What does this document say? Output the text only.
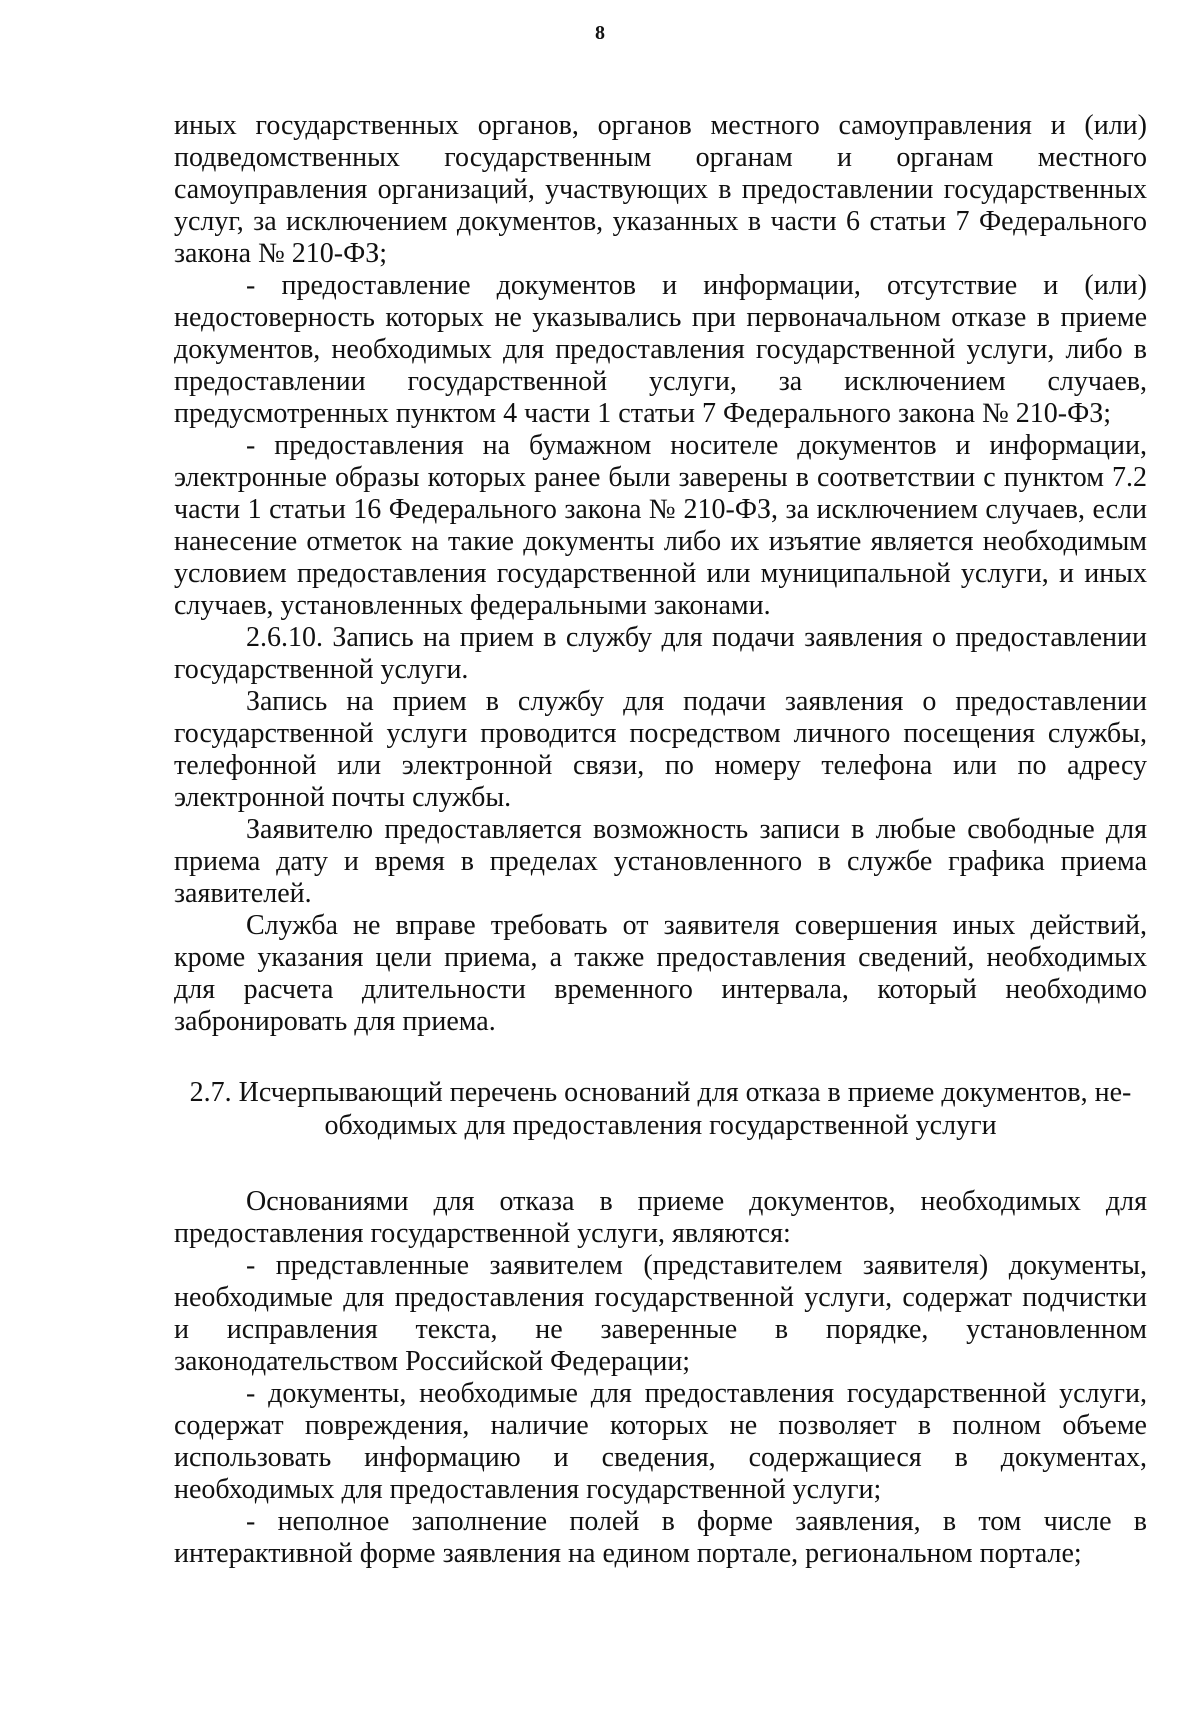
8

иных государственных органов, органов местного самоуправления и (или) подведомственных государственным органам и органам местного самоуправления организаций, участвующих в предоставлении государственных услуг, за исключением документов, указанных в части 6 статьи 7 Федерального закона № 210-ФЗ;

- предоставление документов и информации, отсутствие и (или) недостоверность которых не указывались при первоначальном отказе в приеме документов, необходимых для предоставления государственной услуги, либо в предоставлении государственной услуги, за исключением случаев, предусмотренных пунктом 4 части 1 статьи 7 Федерального закона № 210-ФЗ;

- предоставления на бумажном носителе документов и информации, электронные образы которых ранее были заверены в соответствии с пунктом 7.2 части 1 статьи 16 Федерального закона № 210-ФЗ, за исключением случаев, если нанесение отметок на такие документы либо их изъятие является необходимым условием предоставления государственной или муниципальной услуги, и иных случаев, установленных федеральными законами.

2.6.10. Запись на прием в службу для подачи заявления о предоставлении государственной услуги.

Запись на прием в службу для подачи заявления о предоставлении государственной услуги проводится посредством личного посещения службы, телефонной или электронной связи, по номеру телефона или по адресу электронной почты службы.

Заявителю предоставляется возможность записи в любые свободные для приема дату и время в пределах установленного в службе графика приема заявителей.

Служба не вправе требовать от заявителя совершения иных действий, кроме указания цели приема, а также предоставления сведений, необходимых для расчета длительности временного интервала, который необходимо забронировать для приема.

2.7. Исчерпывающий перечень оснований для отказа в приеме документов, не-
обходимых для предоставления государственной услуги

Основаниями для отказа в приеме документов, необходимых для предоставления государственной услуги, являются:

- представленные заявителем (представителем заявителя) документы, необходимые для предоставления государственной услуги, содержат подчистки и исправления текста, не заверенные в порядке, установленном законодательством Российской Федерации;

- документы, необходимые для предоставления государственной услуги, содержат повреждения, наличие которых не позволяет в полном объеме использовать информацию и сведения, содержащиеся в документах, необходимых для предоставления государственной услуги;

- неполное заполнение полей в форме заявления, в том числе в интерактивной форме заявления на едином портале, региональном портале;
